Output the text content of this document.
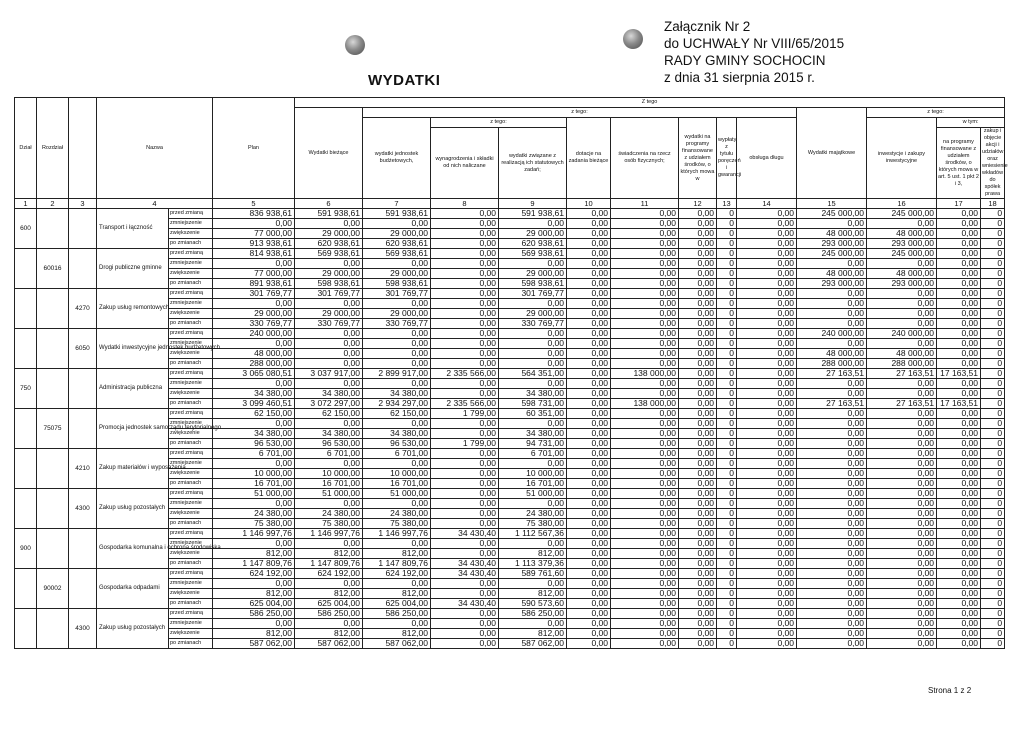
Załącznik Nr 2
do UCHWAŁY Nr VIII/65/2015
RADY GMINY SOCHOCIN
z dnia 31 sierpnia 2015 r.
WYDATKI
Dział	Rozdział		Nazwa		Plan	Z tego												
						Wydatki bieżące	z tego:								Wydatki majątkowe	z tego:		
							wydatki jednostek budżetowych,	z tego:		dotacje na zadania bieżące	świadczenia na rzecz osób fizycznych;	wydatki na programy finansowane z udziałem środków, o których mowa w	wypłaty z tytułu poręczeń i gwarancji	obsługa długu		inwestycje i zakupy inwestycyjne	w tym:	
								wynagrodzenia i składki od nich naliczane	wydatki związane z realizacją ich statutowych zadań;								na programy finansowane z udziałem środków, o których mowa w art. 5 ust. 1 pkt 2 i 3,	zakup i objęcie akcji i udziałów oraz wniesienie wkładów do spółek prawa

1	2	3	4		5	6	7	8	9	10	11	12	13	14	15	16	17	18
600			Transport i łączność	przed zmianą	836 938,61	591 938,61	591 938,61	0,00	591 938,61	0,00	0,00	0,00	0	0,00	245 000,00	245 000,00	0,00	0
				zmniejszenie	0,00	0,00	0,00	0,00	0,00	0,00	0,00	0,00	0	0,00	0,00	0,00	0,00	0
				zwiększenie	77 000,00	29 000,00	29 000,00	0,00	29 000,00	0,00	0,00	0,00	0	0,00	48 000,00	48 000,00	0,00	0
				po zmianach	913 938,61	620 938,61	620 938,61	0,00	620 938,61	0,00	0,00	0,00	0	0,00	293 000,00	293 000,00	0,00	0
	60016		Drogi publiczne gminne	przed zmianą	814 938,61	569 938,61	569 938,61	0,00	569 938,61	0,00	0,00	0,00	0	0,00	245 000,00	245 000,00	0,00	0
				zmniejszenie	0,00	0,00	0,00	0,00	0,00	0,00	0,00	0,00	0	0,00	0,00	0,00	0,00	0
				zwiększenie	77 000,00	29 000,00	29 000,00	0,00	29 000,00	0,00	0,00	0,00	0	0,00	48 000,00	48 000,00	0,00	0
				po zmianach	891 938,61	598 938,61	598 938,61	0,00	598 938,61	0,00	0,00	0,00	0	0,00	293 000,00	293 000,00	0,00	0
		4270	Zakup usług remontowych	przed zmianą	301 769,77	301 769,77	301 769,77	0,00	301 769,77	0,00	0,00	0,00	0	0,00	0,00	0,00	0,00	0
				zmniejszenie	0,00	0,00	0,00	0,00	0,00	0,00	0,00	0,00	0	0,00	0,00	0,00	0,00	0
				zwiększenie	29 000,00	29 000,00	29 000,00	0,00	29 000,00	0,00	0,00	0,00	0	0,00	0,00	0,00	0,00	0
				po zmianach	330 769,77	330 769,77	330 769,77	0,00	330 769,77	0,00	0,00	0,00	0	0,00	0,00	0,00	0,00	0
		6050	Wydatki inwestycyjne jednostek budżetowych	przed zmianą	240 000,00	0,00	0,00	0,00	0,00	0,00	0,00	0,00	0	0,00	240 000,00	240 000,00	0,00	0
				zmniejszenie	0,00	0,00	0,00	0,00	0,00	0,00	0,00	0,00	0	0,00	0,00	0,00	0,00	0
				zwiększenie	48 000,00	0,00	0,00	0,00	0,00	0,00	0,00	0,00	0	0,00	48 000,00	48 000,00	0,00	0
				po zmianach	288 000,00	0,00	0,00	0,00	0,00	0,00	0,00	0,00	0	0,00	288 000,00	288 000,00	0,00	0
750			Administracja publiczna	przed zmianą	3 065 080,51	3 037 917,00	2 899 917,00	2 335 566,00	564 351,00	0,00	138 000,00	0,00	0	0,00	27 163,51	27 163,51	17 163,51	0
				zmniejszenie	0,00	0,00	0,00	0,00	0,00	0,00	0,00	0,00	0	0,00	0,00	0,00	0,00	0
				zwiększenie	34 380,00	34 380,00	34 380,00	0,00	34 380,00	0,00	0,00	0,00	0	0,00	0,00	0,00	0,00	0
				po zmianach	3 099 460,51	3 072 297,00	2 934 297,00	2 335 566,00	598 731,00	0,00	138 000,00	0,00	0	0,00	27 163,51	27 163,51	17 163,51	0
	75075		Promocja jednostek samorządu terytorialnego	przed zmianą	62 150,00	62 150,00	62 150,00	1 799,00	60 351,00	0,00	0,00	0,00	0	0,00	0,00	0,00	0,00	0
				zmniejszenie	0,00	0,00	0,00	0,00	0,00	0,00	0,00	0,00	0	0,00	0,00	0,00	0,00	0
				zwiększenie	34 380,00	34 380,00	34 380,00	0,00	34 380,00	0,00	0,00	0,00	0	0,00	0,00	0,00	0,00	0
				po zmianach	96 530,00	96 530,00	96 530,00	1 799,00	94 731,00	0,00	0,00	0,00	0	0,00	0,00	0,00	0,00	0
		4210	Zakup materiałów i wyposażenia	przed zmianą	6 701,00	6 701,00	6 701,00	0,00	6 701,00	0,00	0,00	0,00	0	0,00	0,00	0,00	0,00	0
				zmniejszenie	0,00	0,00	0,00	0,00	0,00	0,00	0,00	0,00	0	0,00	0,00	0,00	0,00	0
				zwiększenie	10 000,00	10 000,00	10 000,00	0,00	10 000,00	0,00	0,00	0,00	0	0,00	0,00	0,00	0,00	0
				po zmianach	16 701,00	16 701,00	16 701,00	0,00	16 701,00	0,00	0,00	0,00	0	0,00	0,00	0,00	0,00	0
		4300	Zakup usług pozostałych	przed zmianą	51 000,00	51 000,00	51 000,00	0,00	51 000,00	0,00	0,00	0,00	0	0,00	0,00	0,00	0,00	0
				zmniejszenie	0,00	0,00	0,00	0,00	0,00	0,00	0,00	0,00	0	0,00	0,00	0,00	0,00	0
				zwiększenie	24 380,00	24 380,00	24 380,00	0,00	24 380,00	0,00	0,00	0,00	0	0,00	0,00	0,00	0,00	0
				po zmianach	75 380,00	75 380,00	75 380,00	0,00	75 380,00	0,00	0,00	0,00	0	0,00	0,00	0,00	0,00	0
900			Gospodarka komunalna i ochrona środowiska	przed zmianą	1 146 997,76	1 146 997,76	1 146 997,76	34 430,40	1 112 567,36	0,00	0,00	0,00	0	0,00	0,00	0,00	0,00	0
				zmniejszenie	0,00	0,00	0,00	0,00	0,00	0,00	0,00	0,00	0	0,00	0,00	0,00	0,00	0
				zwiększenie	812,00	812,00	812,00	0,00	812,00	0,00	0,00	0,00	0	0,00	0,00	0,00	0,00	0
				po zmianach	1 147 809,76	1 147 809,76	1 147 809,76	34 430,40	1 113 379,36	0,00	0,00	0,00	0	0,00	0,00	0,00	0,00	0
	90002		Gospodarka odpadami	przed zmianą	624 192,00	624 192,00	624 192,00	34 430,40	589 761,60	0,00	0,00	0,00	0	0,00	0,00	0,00	0,00	0
				zmniejszenie	0,00	0,00	0,00	0,00	0,00	0,00	0,00	0,00	0	0,00	0,00	0,00	0,00	0
				zwiększenie	812,00	812,00	812,00	0,00	812,00	0,00	0,00	0,00	0	0,00	0,00	0,00	0,00	0
				po zmianach	625 004,00	625 004,00	625 004,00	34 430,40	590 573,60	0,00	0,00	0,00	0	0,00	0,00	0,00	0,00	0
		4300	Zakup usług pozostałych	przed zmianą	586 250,00	586 250,00	586 250,00	0,00	586 250,00	0,00	0,00	0,00	0	0,00	0,00	0,00	0,00	0
				zmniejszenie	0,00	0,00	0,00	0,00	0,00	0,00	0,00	0,00	0	0,00	0,00	0,00	0,00	0
				zwiększenie	812,00	812,00	812,00	0,00	812,00	0,00	0,00	0,00	0	0,00	0,00	0,00	0,00	0
				po zmianach	587 062,00	587 062,00	587 062,00	0,00	587 062,00	0,00	0,00	0,00	0	0,00	0,00	0,00	0,00	0
Strona 1 z 2
